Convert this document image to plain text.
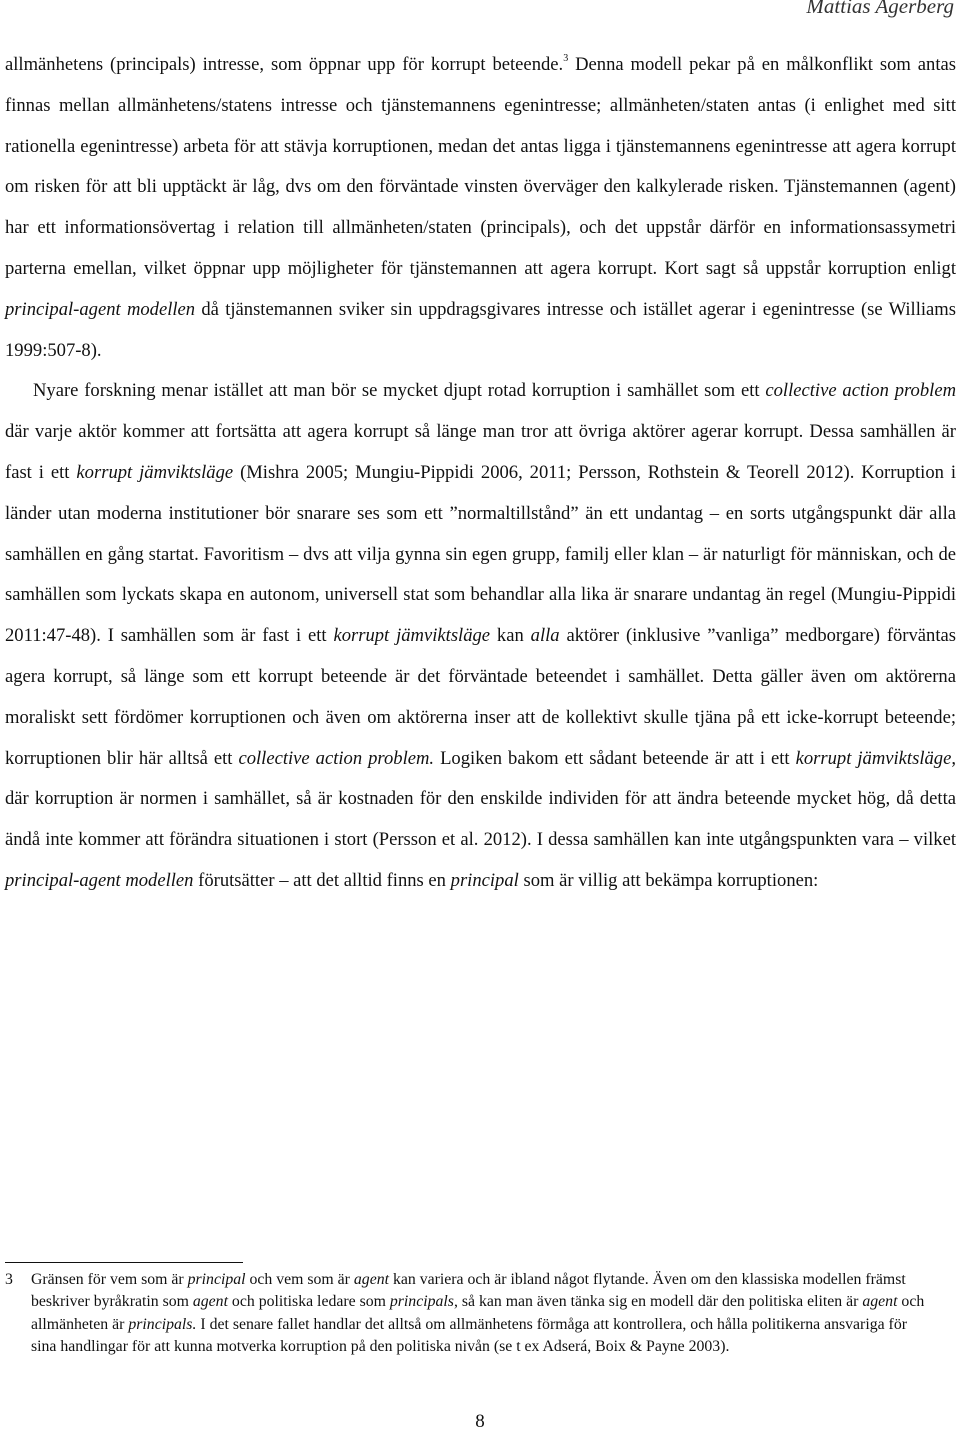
Mattias Agerberg

allmänhetens (principals) intresse, som öppnar upp för korrupt beteende.$^3$ Denna modell pekar på en målkonflikt som antas finnas mellan allmänhetens/statens intresse och tjänstemannens egenintresse; allmänheten/staten antas (i enlighet med sitt rationella egenintresse) arbeta för att stävja korruptionen, medan det antas ligga i tjänstemannens egenintresse att agera korrupt om risken för att bli upptäckt är låg, dvs om den förväntade vinsten överväger den kalkylerade risken. Tjänstemannen (agent) har ett informationsövertag i relation till allmänheten/staten (principals), och det uppstår därför en informationsassymetri parterna emellan, vilket öppnar upp möjligheter för tjänstemannen att agera korrupt. Kort sagt så uppstår korruption enligt principal-agent modellen då tjänstemannen sviker sin uppdragsgivares intresse och istället agerar i egenintresse (se Williams 1999:507-8).

Nyare forskning menar istället att man bör se mycket djupt rotad korruption i samhället som ett collective action problem där varje aktör kommer att fortsätta att agera korrupt så länge man tror att övriga aktörer agerar korrupt. Dessa samhällen är fast i ett korrupt jämviktsläge (Mishra 2005; Mungiu-Pippidi 2006, 2011; Persson, Rothstein & Teorell 2012). Korruption i länder utan moderna institutioner bör snarare ses som ett ”normaltillstånd” än ett undantag – en sorts utgångspunkt där alla samhällen en gång startat. Favoritism – dvs att vilja gynna sin egen grupp, familj eller klan – är naturligt för människan, och de samhällen som lyckats skapa en autonom, universell stat som behandlar alla lika är snarare undantag än regel (Mungiu-Pippidi 2011:47-48). I samhällen som är fast i ett korrupt jämviktsläge kan alla aktörer (inklusive ”vanliga” medborgare) förväntas agera korrupt, så länge som ett korrupt beteende är det förväntade beteendet i samhället. Detta gäller även om aktörerna moraliskt sett fördömer korruptionen och även om aktörerna inser att de kollektivt skulle tjäna på ett icke-korrupt beteende; korruptionen blir här alltså ett collective action problem. Logiken bakom ett sådant beteende är att i ett korrupt jämviktsläge, där korruption är normen i samhället, så är kostnaden för den enskilde individen för att ändra beteende mycket hög, då detta ändå inte kommer att förändra situationen i stort (Persson et al. 2012). I dessa samhällen kan inte utgångspunkten vara – vilket principal-agent modellen förutsätter – att det alltid finns en principal som är villig att bekämpa korruptionen:

3 Gränsen för vem som är principal och vem som är agent kan variera och är ibland något flytande. Även om den klassiska modellen främst beskriver byråkratin som agent och politiska ledare som principals, så kan man även tänka sig en modell där den politiska eliten är agent och allmänheten är principals. I det senare fallet handlar det alltså om allmänhetens förmåga att kontrollera, och hålla politikerna ansvariga för sina handlingar för att kunna motverka korruption på den politiska nivån (se t ex Adserá, Boix & Payne 2003).
8
